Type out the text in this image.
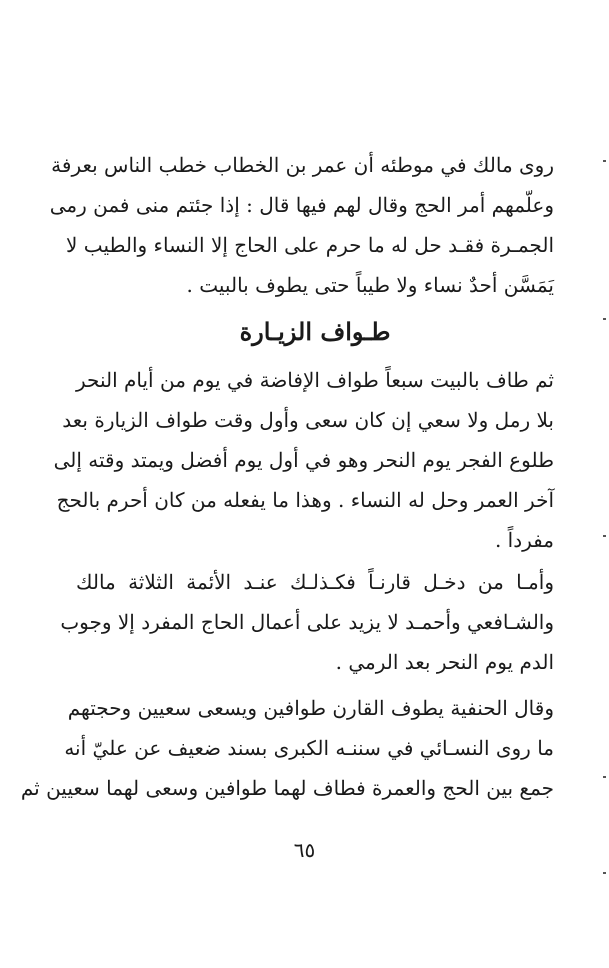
روى مالك في موطئه أن عمر بن الخطاب خطب الناس بعرفة
وعلّمهم أمر الحج وقال لهم فيها قال : إذا جئتم منى فمن رمى
الجمـرة فقـد حل له ما حرم على الحاج إلا النساء والطيب لا
يَمَسَّن أحدٌ نساء ولا طيباً حتى يطوف بالبيت .
طـواف الزيـارة
ثم طاف بالبيت سبعاً طواف الإفاضة في يوم من أيام النحر
بلا رمل ولا سعي إن كان سعى وأول وقت طواف الزيارة بعد
طلوع الفجر يوم النحر وهو في أول يوم أفضل ويمتد وقته إلى
آخر العمر وحل له النساء . وهذا ما يفعله من كان أحرم بالحج
مفرداً .
وأمـا من دخـل قارنـاً فكـذلـك عنـد الأئمة الثلاثة مالك
والشـافعي وأحمـد لا يزيد على أعمال الحاج المفرد إلا وجوب
الدم يوم النحر بعد الرمي .
وقال الحنفية يطوف القارن طوافين ويسعى سعيين وحجتهم
ما روى النسـائي في سننـه الكبرى بسند ضعيف عن عليّ أنه
جمع بين الحج والعمرة فطاف لهما طوافين وسعى لهما سعيين ثم
٦٥
